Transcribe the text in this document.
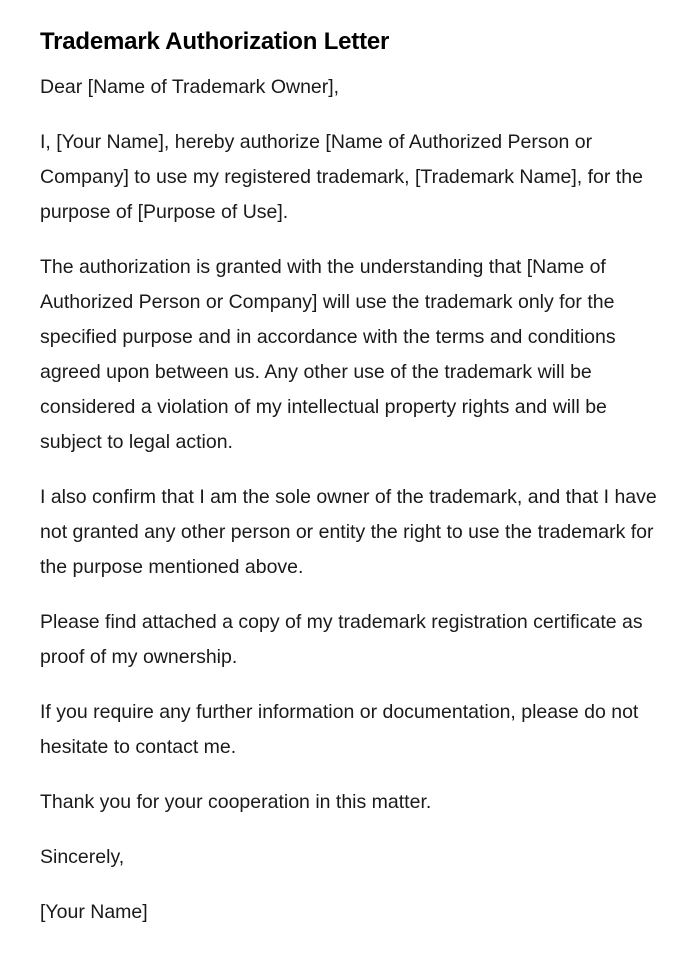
Trademark Authorization Letter

Dear [Name of Trademark Owner],

I, [Your Name], hereby authorize [Name of Authorized Person or Company] to use my registered trademark, [Trademark Name], for the purpose of [Purpose of Use].

The authorization is granted with the understanding that [Name of Authorized Person or Company] will use the trademark only for the specified purpose and in accordance with the terms and conditions agreed upon between us. Any other use of the trademark will be considered a violation of my intellectual property rights and will be subject to legal action.

I also confirm that I am the sole owner of the trademark, and that I have not granted any other person or entity the right to use the trademark for the purpose mentioned above.

Please find attached a copy of my trademark registration certificate as proof of my ownership.

If you require any further information or documentation, please do not hesitate to contact me.

Thank you for your cooperation in this matter.

Sincerely,

[Your Name]
